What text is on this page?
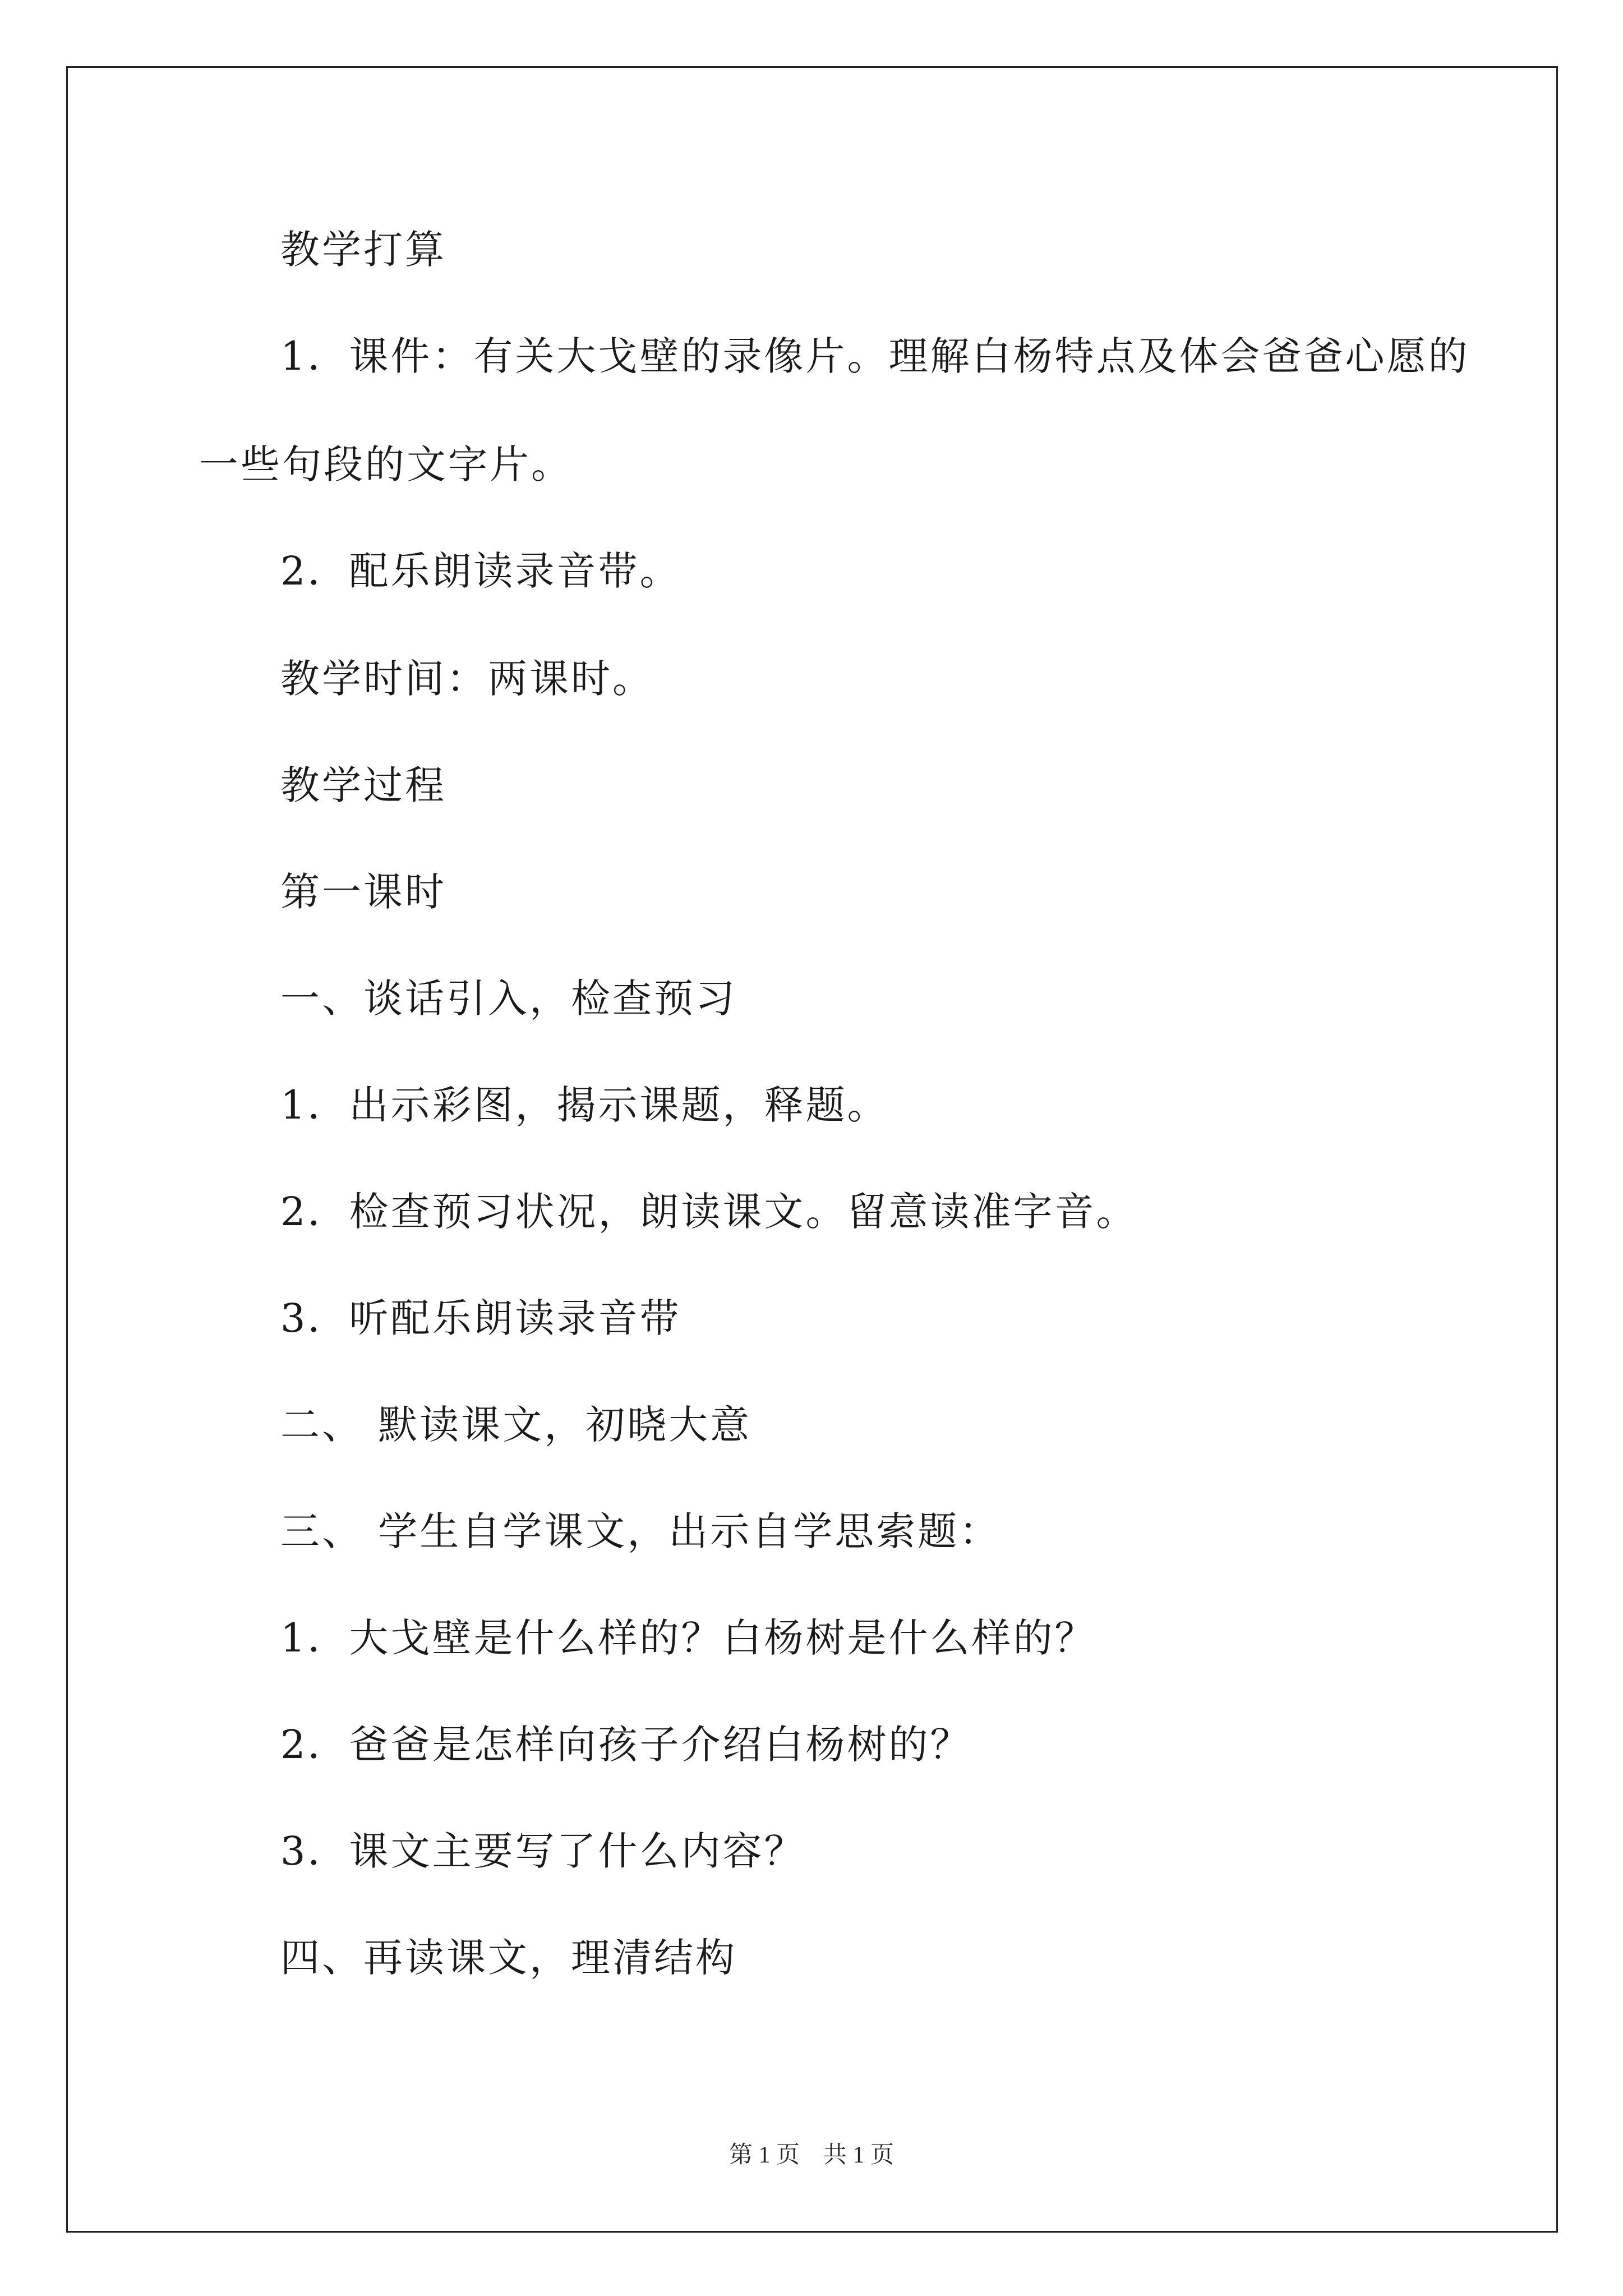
教学打算

1．课件：有关大戈壁的录像片。理解白杨特点及体会爸爸心愿的

一些句段的文字片。

2．配乐朗读录音带。

教学时间：两课时。

教学过程

第一课时

一、谈话引入，检查预习

1．出示彩图，揭示课题，释题。

2．检查预习状况，朗读课文。留意读准字音。

3．听配乐朗读录音带

二、 默读课文，初晓大意

三、 学生自学课文，出示自学思索题：

1．大戈壁是什么样的？白杨树是什么样的？

2．爸爸是怎样向孩子介绍白杨树的？

3．课文主要写了什么内容？

四、再读课文，理清结构

第 1 页　共 1 页
